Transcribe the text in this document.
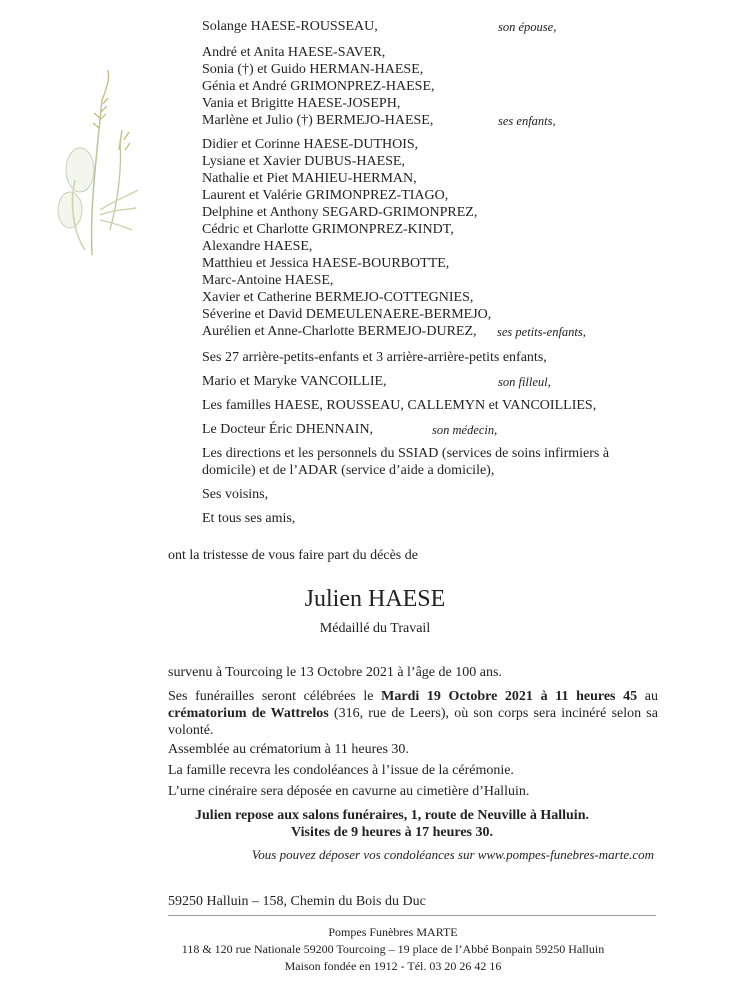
Solange HAESE-ROUSSEAU,	son épouse,
André et Anita HAESE-SAVER,
Sonia (†) et Guido HERMAN-HAESE,
Génia et André GRIMONPREZ-HAESE,
Vania et Brigitte HAESE-JOSEPH,
Marlène et Julio (†) BERMEJO-HAESE,	ses enfants,
Didier et Corinne HAESE-DUTHOIS,
Lysiane et Xavier DUBUS-HAESE,
Nathalie et Piet MAHIEU-HERMAN,
Laurent et Valérie GRIMONPREZ-TIAGO,
Delphine et Anthony SEGARD-GRIMONPREZ,
Cédric et Charlotte GRIMONPREZ-KINDT,
Alexandre HAESE,
Matthieu et Jessica HAESE-BOURBOTTE,
Marc-Antoine HAESE,
Xavier et Catherine BERMEJO-COTTEGNIES,
Séverine et David DEMEULENAERE-BERMEJO,
Aurélien et Anne-Charlotte BERMEJO-DUREZ, ses petits-enfants,
Ses 27 arrière-petits-enfants et 3 arrière-arrière-petits enfants,
Mario et Maryke VANCOILLIE,	son filleul,
Les familles HAESE, ROUSSEAU, CALLEMYN et VANCOILLIES,
Le Docteur Éric DHENNAIN,	son médecin,
Les directions et les personnels du SSIAD (services de soins infirmiers à domicile) et de l’ADAR (service d’aide a domicile),
Ses voisins,
Et tous ses amis,
ont la tristesse de vous faire part du décès de
Julien HAESE
Médaillé du Travail
survenu à Tourcoing le 13 Octobre 2021 à l’âge de 100 ans.
Ses funérailles seront célébrées le Mardi 19 Octobre 2021 à 11 heures 45 au crématorium de Wattrelos (316, rue de Leers), où son corps sera incinéré selon sa volonté.
Assemblée au crématorium à 11 heures 30.
La famille recevra les condoléances à l’issue de la cérémonie.
L’urne cinéraire sera déposée en cavurne au cimetière d’Halluin.
Julien repose aux salons funéraires, 1, route de Neuville à Halluin.
Visites de 9 heures à 17 heures 30.
Vous pouvez déposer vos condoléances sur www.pompes-funebres-marte.com
59250 Halluin – 158, Chemin du Bois du Duc
Pompes Funèbres MARTE
118 & 120 rue Nationale 59200 Tourcoing – 19 place de l’Abbé Bonpain 59250 Halluin
Maison fondée en 1912 - Tél. 03 20 26 42 16
